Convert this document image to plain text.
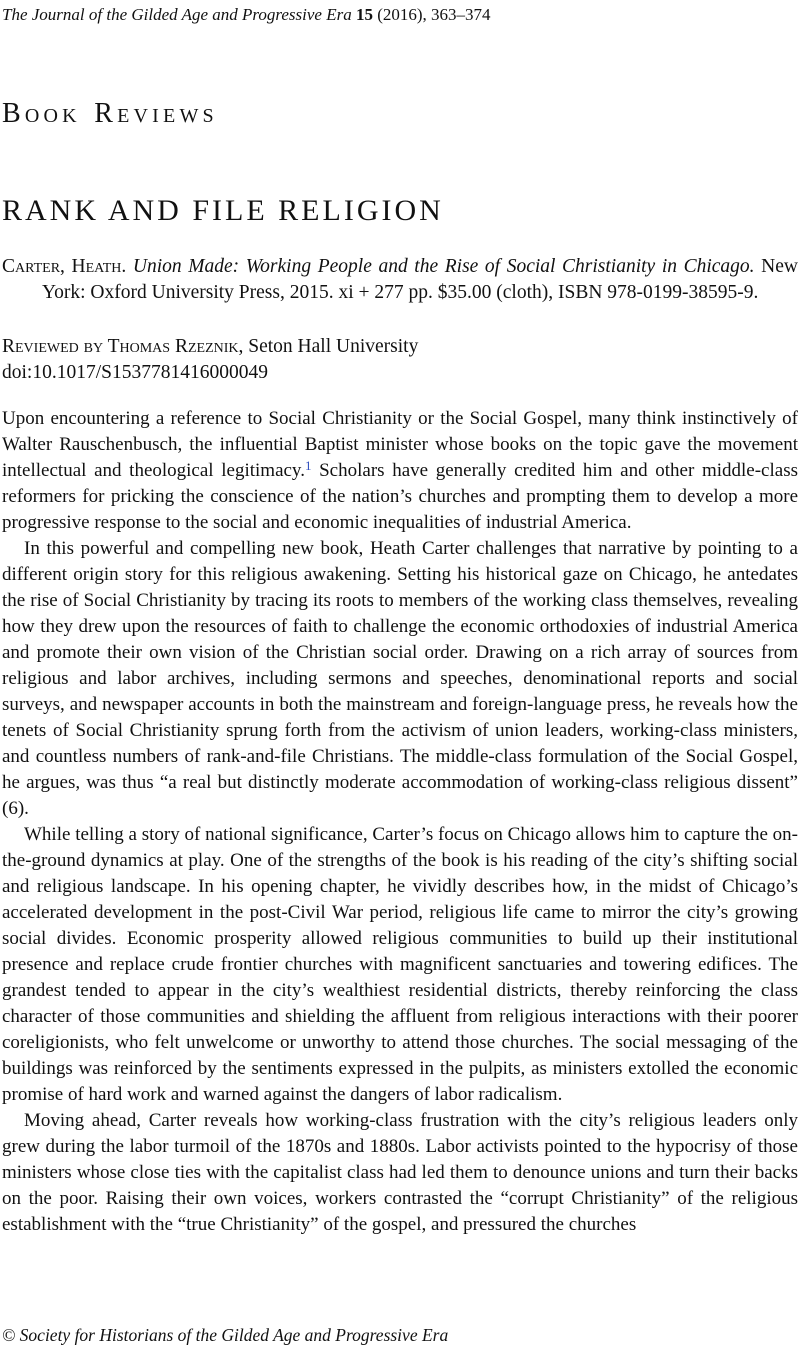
The Journal of the Gilded Age and Progressive Era 15 (2016), 363–374
Book Reviews
RANK AND FILE RELIGION

Carter, Heath. Union Made: Working People and the Rise of Social Christianity in Chicago. New York: Oxford University Press, 2015. xi + 277 pp. $35.00 (cloth), ISBN 978-0199-38595-9.

Reviewed by Thomas Rzeznik, Seton Hall University

doi:10.1017/S1537781416000049

Upon encountering a reference to Social Christianity or the Social Gospel, many think instinctively of Walter Rauschenbusch, the influential Baptist minister whose books on the topic gave the movement intellectual and theological legitimacy.$^1$ Scholars have generally credited him and other middle-class reformers for pricking the conscience of the nation’s churches and prompting them to develop a more progressive response to the social and economic inequalities of industrial America.

In this powerful and compelling new book, Heath Carter challenges that narrative by pointing to a different origin story for this religious awakening. Setting his historical gaze on Chicago, he antedates the rise of Social Christianity by tracing its roots to members of the working class themselves, revealing how they drew upon the resources of faith to challenge the economic orthodoxies of industrial America and promote their own vision of the Christian social order. Drawing on a rich array of sources from religious and labor archives, including sermons and speeches, denominational reports and social surveys, and newspaper accounts in both the mainstream and foreign-language press, he reveals how the tenets of Social Christianity sprung forth from the activism of union leaders, working-class ministers, and countless numbers of rank-and-file Christians. The middle-class formulation of the Social Gospel, he argues, was thus “a real but distinctly moderate accommodation of working-class religious dissent” (6).

While telling a story of national significance, Carter’s focus on Chicago allows him to capture the on-the-ground dynamics at play. One of the strengths of the book is his reading of the city’s shifting social and religious landscape. In his opening chapter, he vividly describes how, in the midst of Chicago’s accelerated development in the post-Civil War period, religious life came to mirror the city’s growing social divides. Economic prosperity allowed religious communities to build up their institutional presence and replace crude frontier churches with magnificent sanctuaries and towering edifices. The grandest tended to appear in the city’s wealthiest residential districts, thereby reinforcing the class character of those communities and shielding the affluent from religious interactions with their poorer coreligionists, who felt unwelcome or unworthy to attend those churches. The social messaging of the buildings was reinforced by the sentiments expressed in the pulpits, as ministers extolled the economic promise of hard work and warned against the dangers of labor radicalism.

Moving ahead, Carter reveals how working-class frustration with the city’s religious leaders only grew during the labor turmoil of the 1870s and 1880s. Labor activists pointed to the hypocrisy of those ministers whose close ties with the capitalist class had led them to denounce unions and turn their backs on the poor. Raising their own voices, workers contrasted the “corrupt Christianity” of the religious establishment with the “true Christianity” of the gospel, and pressured the churches

© Society for Historians of the Gilded Age and Progressive Era
